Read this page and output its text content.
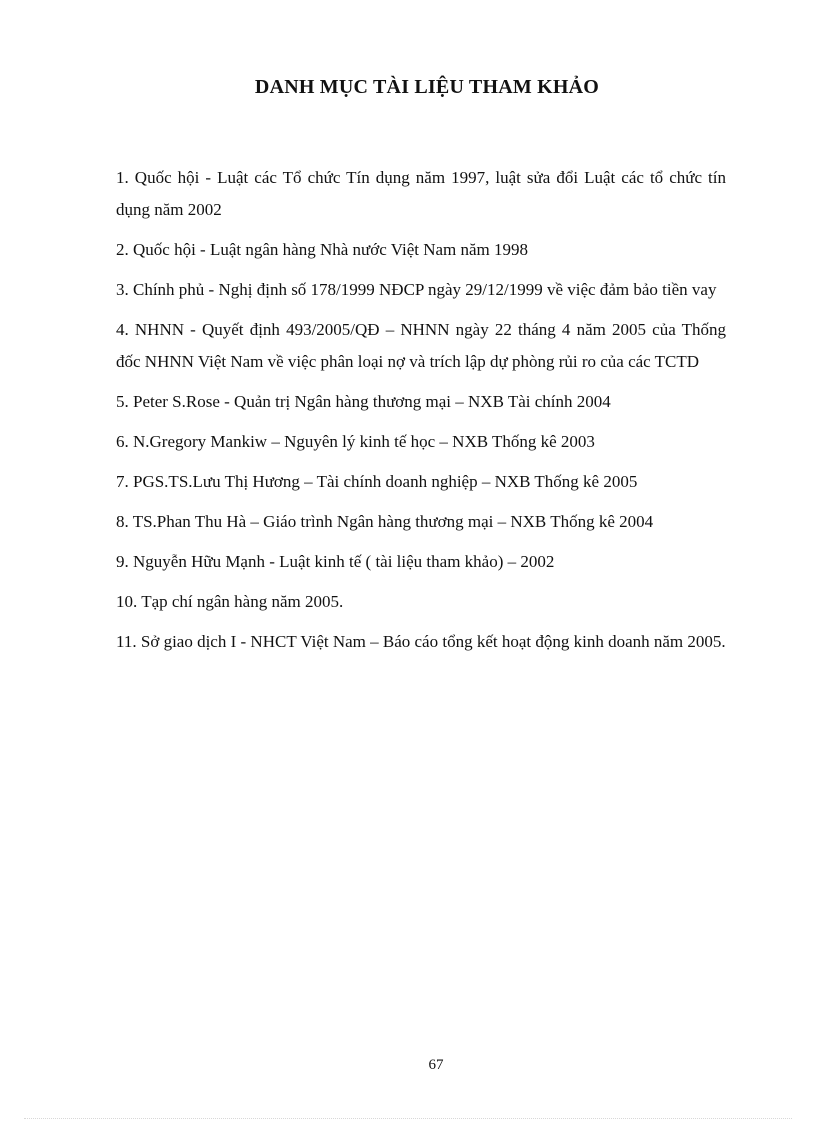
DANH MỤC TÀI LIỆU THAM KHẢO
1. Quốc hội - Luật các Tổ chức Tín dụng năm 1997, luật sửa đổi Luật các tổ chức tín dụng năm 2002
2. Quốc hội - Luật ngân hàng Nhà nước Việt Nam năm 1998
3. Chính phủ - Nghị định số 178/1999 NĐCP ngày 29/12/1999 về việc đảm bảo tiền vay
4. NHNN - Quyết định 493/2005/QĐ – NHNN ngày 22 tháng 4 năm 2005 của Thống đốc NHNN Việt Nam về việc phân loại nợ và trích lập dự phòng rủi ro của các TCTD
5. Peter S.Rose - Quản trị Ngân hàng thương mại – NXB Tài chính 2004
6. N.Gregory Mankiw – Nguyên lý kinh tế học – NXB Thống kê 2003
7. PGS.TS.Lưu Thị Hương – Tài chính doanh nghiệp – NXB Thống kê 2005
8. TS.Phan Thu Hà – Giáo trình Ngân hàng thương mại – NXB Thống kê 2004
9. Nguyễn Hữu Mạnh - Luật kinh tế ( tài liệu tham khảo) – 2002
10. Tạp chí ngân hàng năm 2005.
11. Sở giao dịch I - NHCT Việt Nam – Báo cáo tổng kết hoạt động kinh doanh năm 2005.
67
